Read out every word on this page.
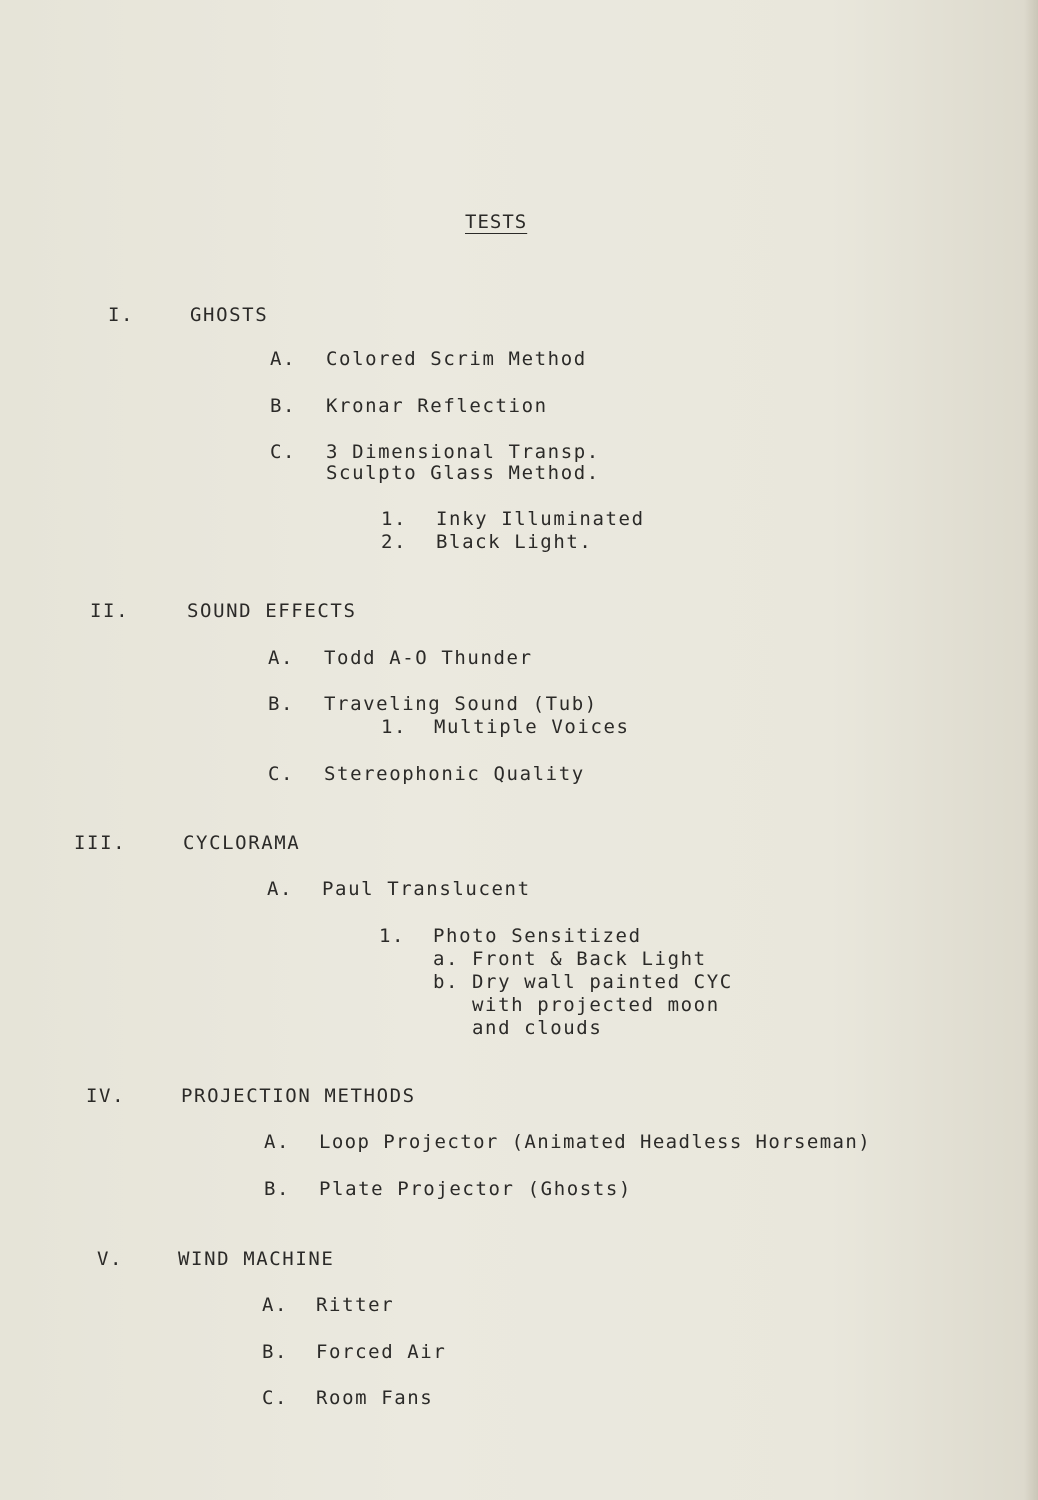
TESTS
I.	GHOSTS
A. Colored Scrim Method
B. Kronar Reflection
C. 3 Dimensional Transp.
Sculpto Glass Method.
1. Inky Illuminated
2. Black Light.
II.	SOUND EFFECTS
A. Todd A-O Thunder
B. Traveling Sound (Tub)
1. Multiple Voices
C. Stereophonic Quality
III.	CYCLORAMA
A. Paul Translucent
1. Photo Sensitized
a. Front & Back Light
b. Dry wall painted CYC
with projected moon
and clouds
IV.	PROJECTION METHODS
A. Loop Projector (Animated Headless Horseman)
B. Plate Projector (Ghosts)
V.	WIND MACHINE
A. Ritter
B. Forced Air
C. Room Fans
